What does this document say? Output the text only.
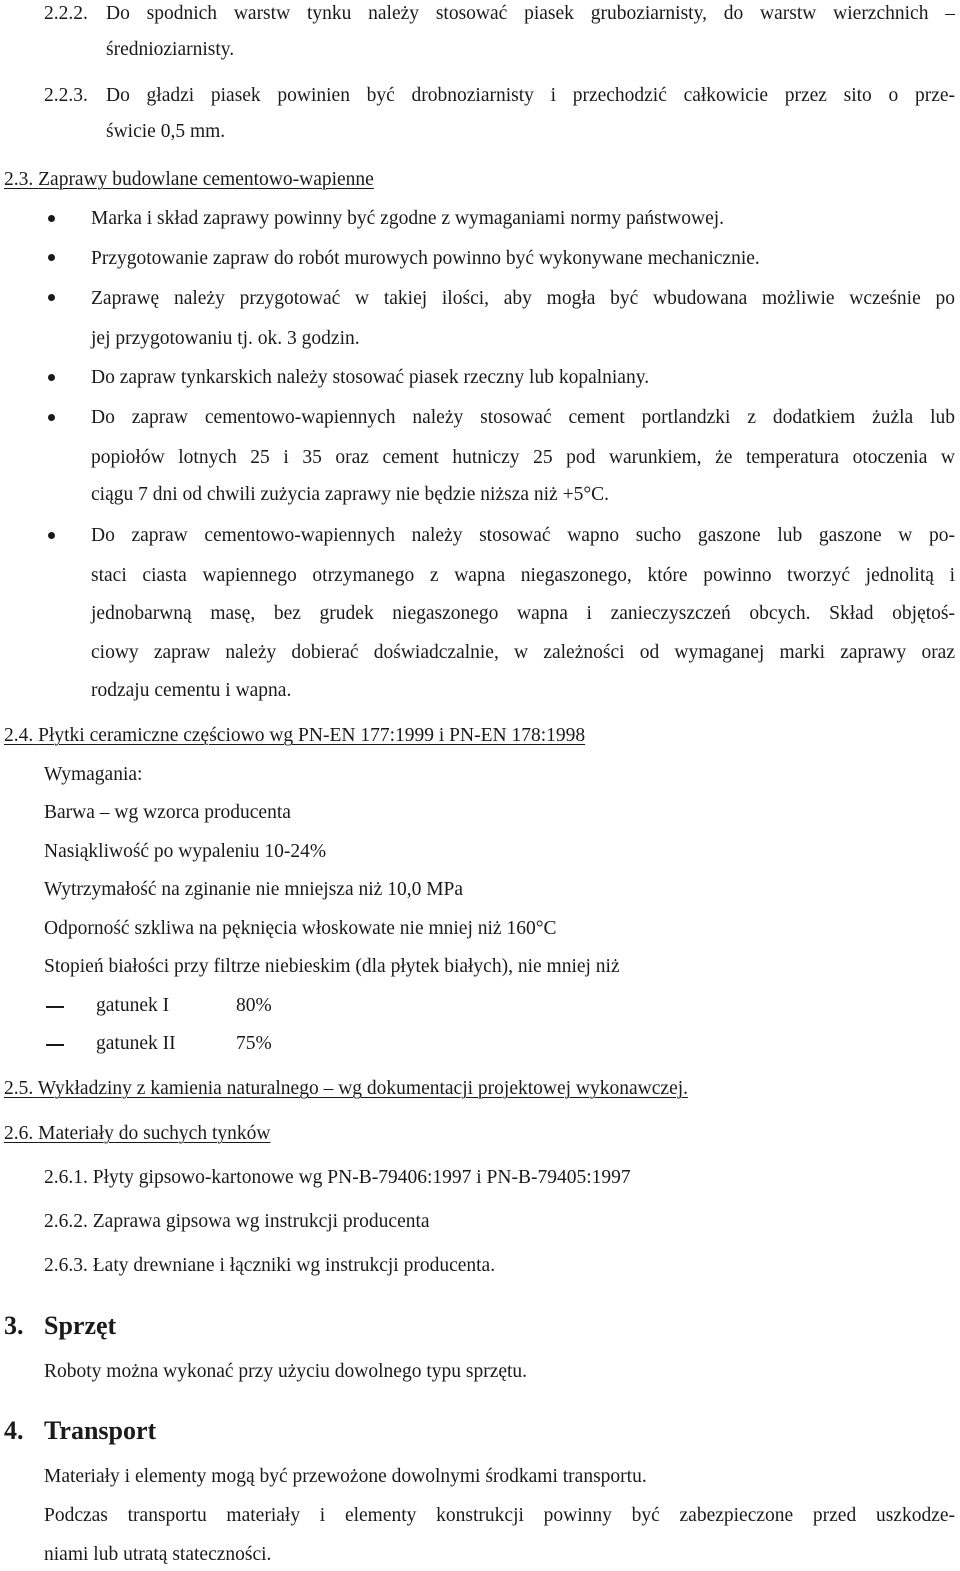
2.2.2. Do spodnich warstw tynku należy stosować piasek gruboziarnisty, do warstw wierzchnich –
średnioziarnisty.
2.2.3. Do gładzi piasek powinien być drobnoziarnisty i przechodzić całkowicie przez sito o prze-
świcie 0,5 mm.
2.3. Zaprawy budowlane cementowo-wapienne
Marka i skład zaprawy powinny być zgodne z wymaganiami normy państwowej.
Przygotowanie zapraw do robót murowych powinno być wykonywane mechanicznie.
Zaprawę należy przygotować w takiej ilości, aby mogła być wbudowana możliwie wcześnie po
jej przygotowaniu tj. ok. 3 godzin.
Do zapraw tynkarskich należy stosować piasek rzeczny lub kopalniany.
Do zapraw cementowo-wapiennych należy stosować cement portlandzki z dodatkiem żużla lub
popiołów lotnych 25 i 35 oraz cement hutniczy 25 pod warunkiem, że temperatura otoczenia w
ciągu 7 dni od chwili zużycia zaprawy nie będzie niższa niż +5°C.
Do zapraw cementowo-wapiennych należy stosować wapno sucho gaszone lub gaszone w po-
staci ciasta wapiennego otrzymanego z wapna niegaszonego, które powinno tworzyć jednolitą i
jednobarwną masę, bez grudek niegaszonego wapna i zanieczyszczeń obcych. Skład objętoś-
ciowy zapraw należy dobierać doświadczalnie, w zależności od wymaganej marki zaprawy oraz
rodzaju cementu i wapna.
2.4. Płytki ceramiczne częściowo wg PN-EN 177:1999 i PN-EN 178:1998
Wymagania:
Barwa – wg wzorca producenta
Nasiąkliwość po wypaleniu 10-24%
Wytrzymałość na zginanie nie mniejsza niż 10,0 MPa
Odporność szkliwa na pęknięcia włoskowate nie mniej niż 160°C
Stopień białości przy filtrze niebieskim (dla płytek białych), nie mniej niż
gatunek I	80%
gatunek II	75%
2.5. Wykładziny z kamienia naturalnego – wg dokumentacji projektowej wykonawczej.
2.6. Materiały do suchych tynków
2.6.1. Płyty gipsowo-kartonowe wg PN-B-79406:1997 i PN-B-79405:1997
2.6.2. Zaprawa gipsowa wg instrukcji producenta
2.6.3. Łaty drewniane i łączniki wg instrukcji producenta.
3. Sprzęt
Roboty można wykonać przy użyciu dowolnego typu sprzętu.
4. Transport
Materiały i elementy mogą być przewożone dowolnymi środkami transportu.
Podczas transportu materiały i elementy konstrukcji powinny być zabezpieczone przed uszkodze-
niami lub utratą stateczności.
